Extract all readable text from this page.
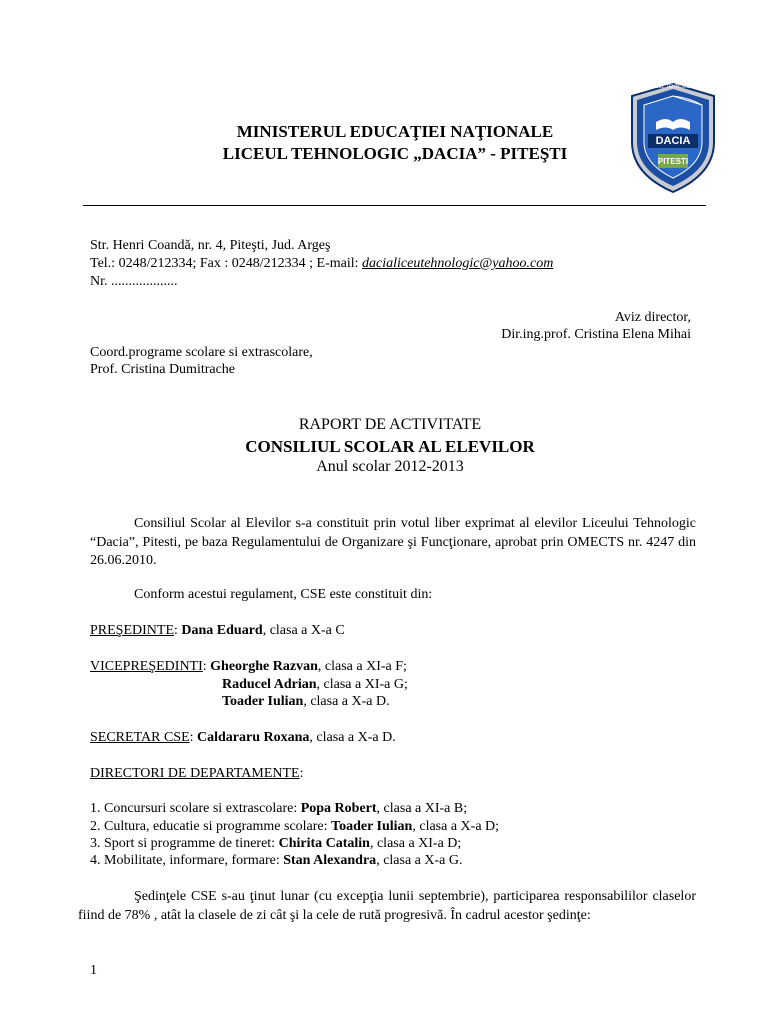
MINISTERUL EDUCAŢIEI NAŢIONALE
LICEUL TEHNOLOGIC „DACIA” - PITEŞTI
DACIA
PITESTI
LICEUL TEHNOLOGIC
Str. Henri Coandă, nr. 4, Piteşti, Jud. Argeş
Tel.: 0248/212334; Fax : 0248/212334 ; E-mail: dacialiceutehnologic@yahoo.com
Nr. ...................
Aviz director,
Dir.ing.prof. Cristina Elena Mihai
Coord.programe scolare si extrascolare,
Prof. Cristina Dumitrache
RAPORT DE ACTIVITATE
CONSILIUL SCOLAR AL ELEVILOR
Anul scolar 2012-2013
Consiliul Scolar al Elevilor s-a constituit prin votul liber exprimat al elevilor Liceului Tehnologic “Dacia”, Pitesti, pe baza Regulamentului de Organizare şi Funcţionare, aprobat prin OMECTS nr. 4247 din 26.06.2010.
Conform acestui regulament, CSE este constituit din:
PREŞEDINTE: Dana Eduard, clasa a X-a C
VICEPREŞEDINTI: Gheorghe Razvan, clasa a XI-a F;
Raducel Adrian, clasa a XI-a G;
Toader Iulian, clasa a X-a D.
SECRETAR CSE: Caldararu Roxana, clasa a X-a D.
DIRECTORI DE DEPARTAMENTE:
1. Concursuri scolare si extrascolare: Popa Robert, clasa a XI-a B;
2. Cultura, educatie si programme scolare: Toader Iulian, clasa a X-a D;
3. Sport si programme de tineret: Chirita Catalin, clasa a XI-a D;
4. Mobilitate, informare, formare: Stan Alexandra, clasa a X-a G.
Şedinţele CSE s-au ţinut lunar (cu excepţia lunii septembrie), participarea responsabililor claselor fiind de 78% , atât la clasele de zi cât şi la cele de rută progresivă. În cadrul acestor şedinţe:
1
